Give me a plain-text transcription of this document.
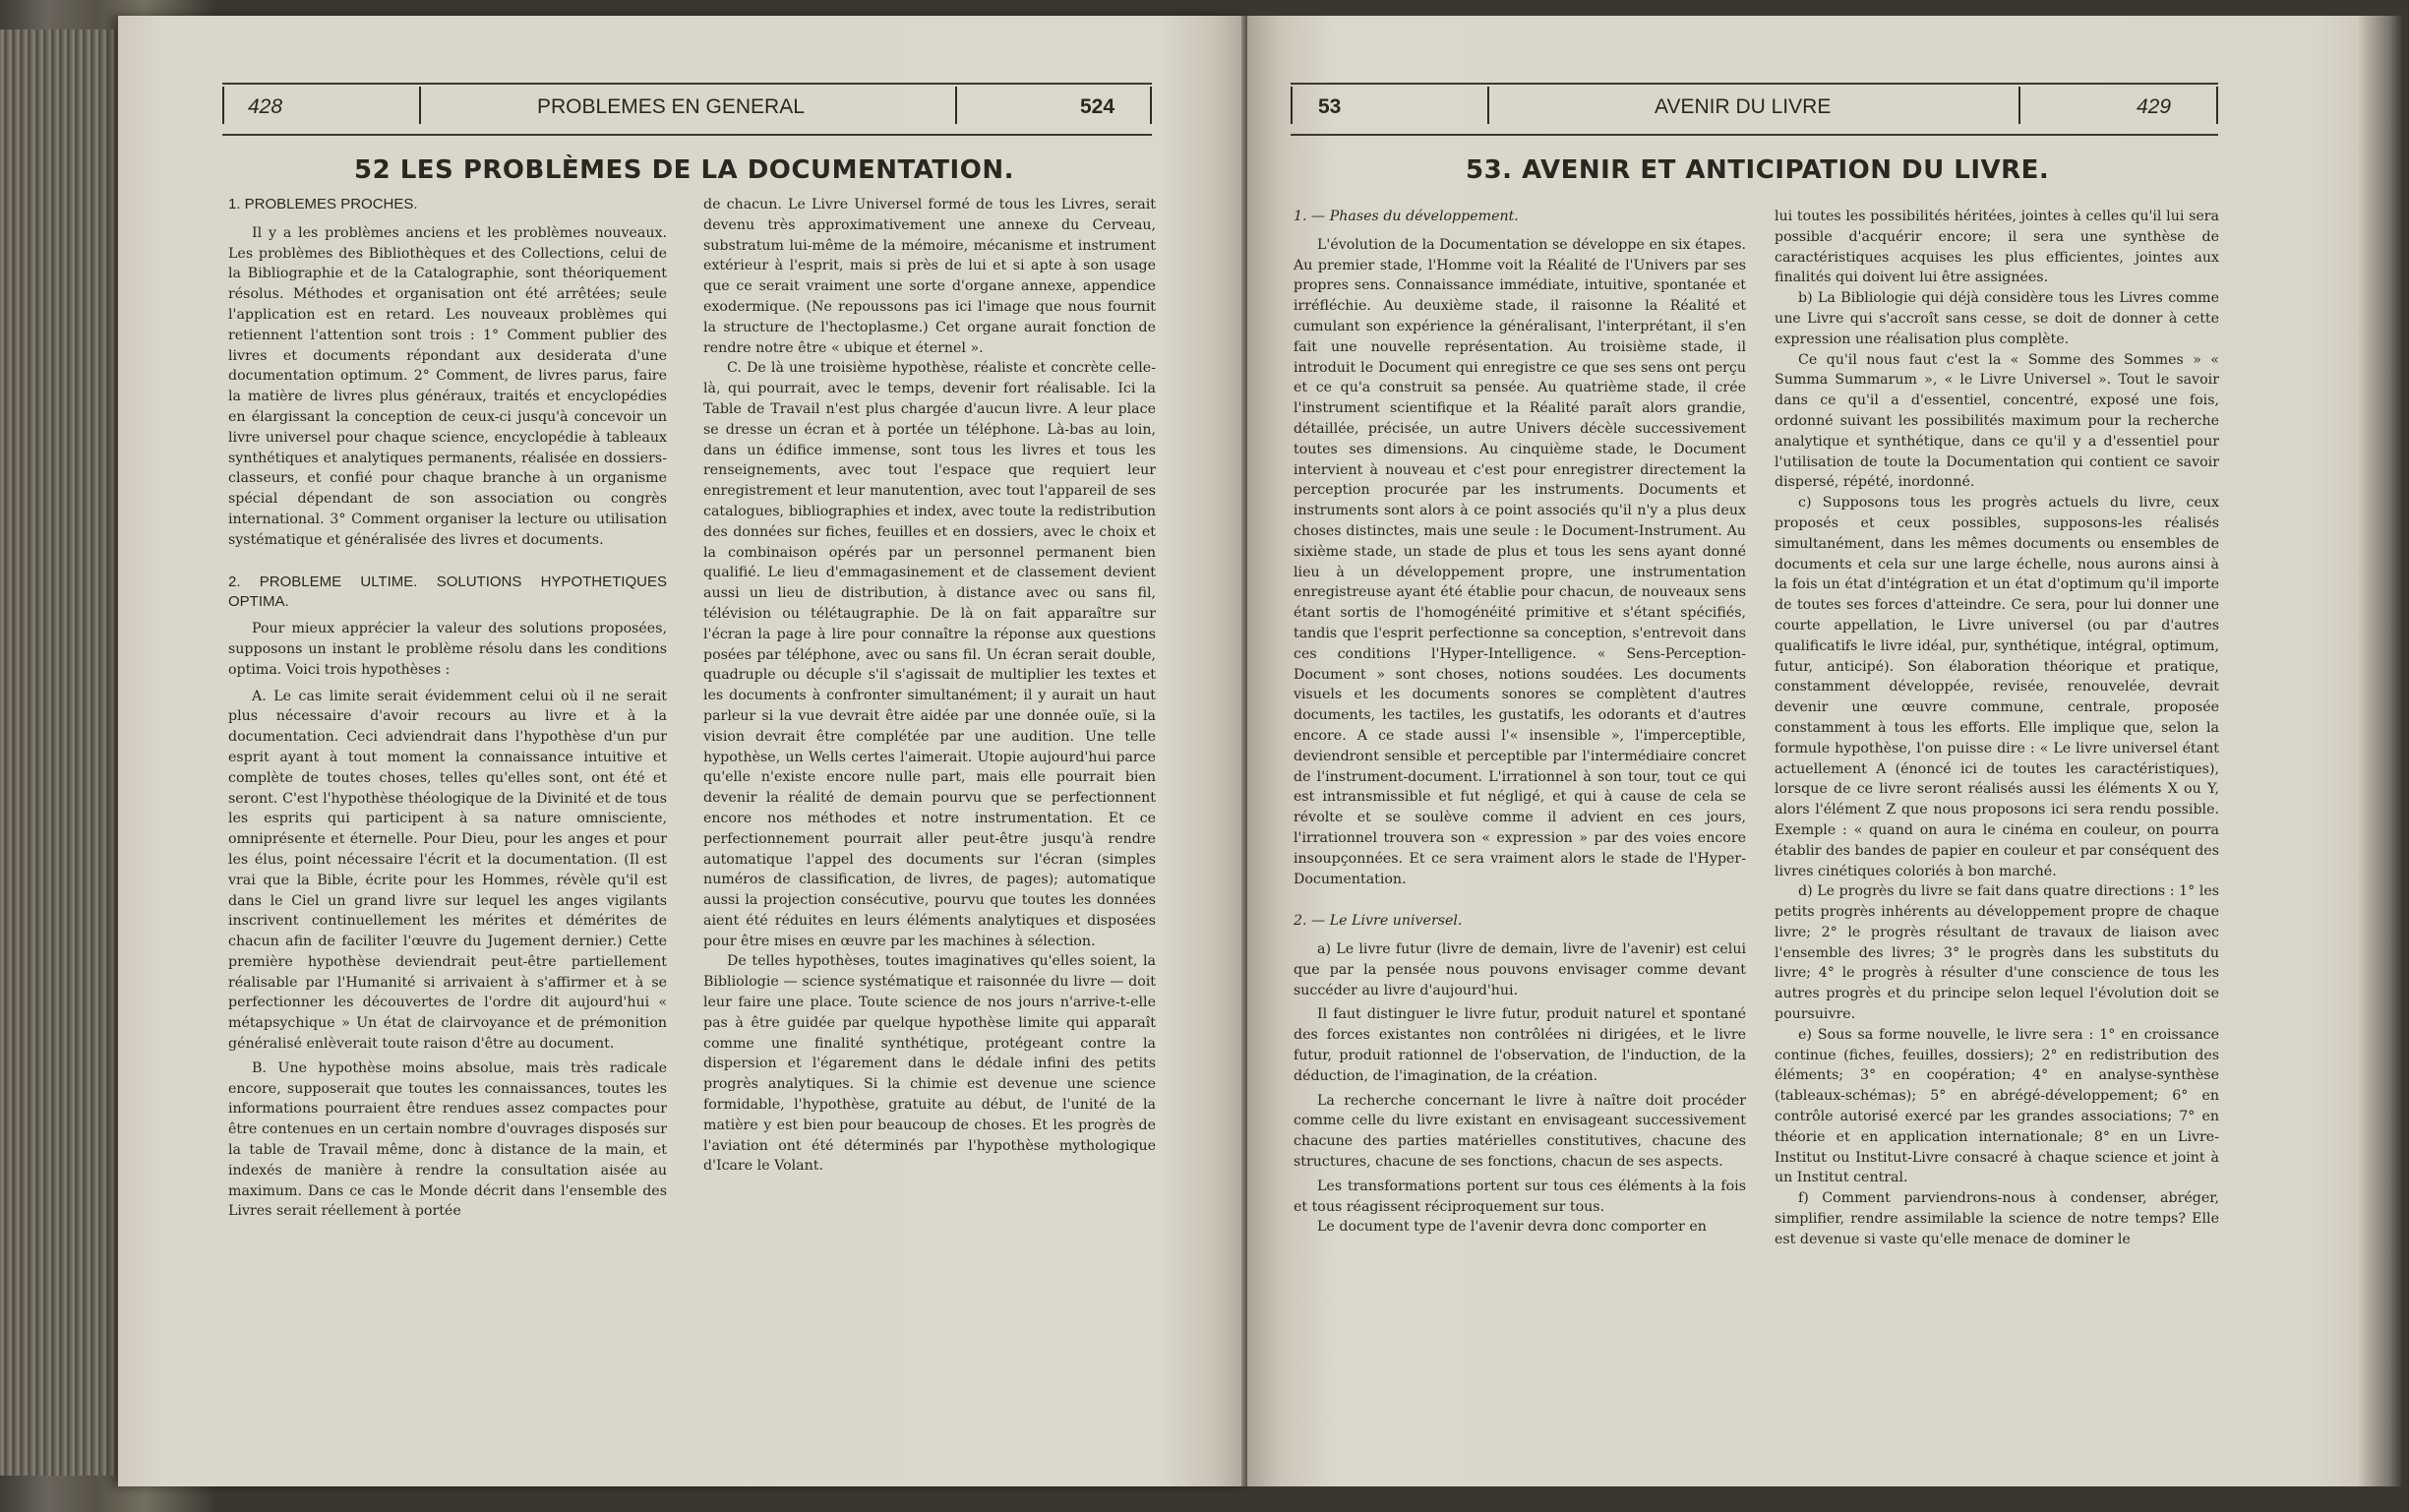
428	PROBLEMES EN GENERAL	524	53	AVENIR DU LIVRE	429
52 LES PROBLÈMES DE LA DOCUMENTATION.	53. AVENIR ET ANTICIPATION DU LIVRE.

1. PROBLEMES PROCHES.

Il y a les problèmes anciens et les problèmes nouveaux. Les problèmes des Bibliothèques et des Collections, celui de la Bibliographie et de la Catalographie, sont théoriquement résolus. Méthodes et organisation ont été arrêtées; seule l'application est en retard. Les nouveaux problèmes qui retiennent l'attention sont trois : 1° Comment publier des livres et documents répondant aux desiderata d'une documentation optimum. 2° Comment, de livres parus, faire la matière de livres plus généraux, traités et encyclopédies en élargissant la conception de ceux-ci jusqu'à concevoir un livre universel pour chaque science, encyclopédie à tableaux synthétiques et analytiques permanents, réalisée en dossiers-classeurs, et confié pour chaque branche à un organisme spécial dépendant de son association ou congrès international. 3° Comment organiser la lecture ou utilisation systématique et généralisée des livres et documents.

2. PROBLEME ULTIME. SOLUTIONS HYPOTHETIQUES OPTIMA.

Pour mieux apprécier la valeur des solutions proposées, supposons un instant le problème résolu dans les conditions optima. Voici trois hypothèses :

A. Le cas limite serait évidemment celui où il ne serait plus nécessaire d'avoir recours au livre et à la documentation. Ceci adviendrait dans l'hypothèse d'un pur esprit ayant à tout moment la connaissance intuitive et complète de toutes choses, telles qu'elles sont, ont été et seront. C'est l'hypothèse théologique de la Divinité et de tous les esprits qui participent à sa nature omnisciente, omniprésente et éternelle. Pour Dieu, pour les anges et pour les élus, point nécessaire l'écrit et la documentation. (Il est vrai que la Bible, écrite pour les Hommes, révèle qu'il est dans le Ciel un grand livre sur lequel les anges vigilants inscrivent continuellement les mérites et démérites de chacun afin de faciliter l'œuvre du Jugement dernier.) Cette première hypothèse deviendrait peut-être partiellement réalisable par l'Humanité si arrivaient à s'affirmer et à se perfectionner les découvertes de l'ordre dit aujourd'hui « métapsychique » Un état de clairvoyance et de prémonition généralisé enlèverait toute raison d'être au document.

B. Une hypothèse moins absolue, mais très radicale encore, supposerait que toutes les connaissances, toutes les informations pourraient être rendues assez compactes pour être contenues en un certain nombre d'ouvrages disposés sur la table de Travail même, donc à distance de la main, et indexés de manière à rendre la consultation aisée au maximum. Dans ce cas le Monde décrit dans l'ensemble des Livres serait réellement à portée

de chacun. Le Livre Universel formé de tous les Livres, serait devenu très approximativement une annexe du Cerveau, substratum lui-même de la mémoire, mécanisme et instrument extérieur à l'esprit, mais si près de lui et si apte à son usage que ce serait vraiment une sorte d'organe annexe, appendice exodermique. (Ne repoussons pas ici l'image que nous fournit la structure de l'hectoplasme.) Cet organe aurait fonction de rendre notre être « ubique et éternel ».

C. De là une troisième hypothèse, réaliste et concrète celle-là, qui pourrait, avec le temps, devenir fort réalisable. Ici la Table de Travail n'est plus chargée d'aucun livre. A leur place se dresse un écran et à portée un téléphone. Là-bas au loin, dans un édifice immense, sont tous les livres et tous les renseignements, avec tout l'espace que requiert leur enregistrement et leur manutention, avec tout l'appareil de ses catalogues, bibliographies et index, avec toute la redistribution des données sur fiches, feuilles et en dossiers, avec le choix et la combinaison opérés par un personnel permanent bien qualifié. Le lieu d'emmagasinement et de classement devient aussi un lieu de distribution, à distance avec ou sans fil, télévision ou télétaugraphie. De là on fait apparaître sur l'écran la page à lire pour connaître la réponse aux questions posées par téléphone, avec ou sans fil. Un écran serait double, quadruple ou décuple s'il s'agissait de multiplier les textes et les documents à confronter simultanément; il y aurait un haut parleur si la vue devrait être aidée par une donnée ouïe, si la vision devrait être complétée par une audition. Une telle hypothèse, un Wells certes l'aimerait. Utopie aujourd'hui parce qu'elle n'existe encore nulle part, mais elle pourrait bien devenir la réalité de demain pourvu que se perfectionnent encore nos méthodes et notre instrumentation. Et ce perfectionnement pourrait aller peut-être jusqu'à rendre automatique l'appel des documents sur l'écran (simples numéros de classification, de livres, de pages); automatique aussi la projection consécutive, pourvu que toutes les données aient été réduites en leurs éléments analytiques et disposées pour être mises en œuvre par les machines à sélection.

De telles hypothèses, toutes imaginatives qu'elles soient, la Bibliologie — science systématique et raisonnée du livre — doit leur faire une place. Toute science de nos jours n'arrive-t-elle pas à être guidée par quelque hypothèse limite qui apparaît comme une finalité synthétique, protégeant contre la dispersion et l'égarement dans le dédale infini des petits progrès analytiques. Si la chimie est devenue une science formidable, l'hypothèse, gratuite au début, de l'unité de la matière y est bien pour beaucoup de choses. Et les progrès de l'aviation ont été déterminés par l'hypothèse mythologique d'Icare le Volant.

1. — Phases du développement.

L'évolution de la Documentation se développe en six étapes. Au premier stade, l'Homme voit la Réalité de l'Univers par ses propres sens. Connaissance immédiate, intuitive, spontanée et irréfléchie. Au deuxième stade, il raisonne la Réalité et cumulant son expérience la généralisant, l'interprétant, il s'en fait une nouvelle représentation. Au troisième stade, il introduit le Document qui enregistre ce que ses sens ont perçu et ce qu'a construit sa pensée. Au quatrième stade, il crée l'instrument scientifique et la Réalité paraît alors grandie, détaillée, précisée, un autre Univers décèle successivement toutes ses dimensions. Au cinquième stade, le Document intervient à nouveau et c'est pour enregistrer directement la perception procurée par les instruments. Documents et instruments sont alors à ce point associés qu'il n'y a plus deux choses distinctes, mais une seule : le Document-Instrument. Au sixième stade, un stade de plus et tous les sens ayant donné lieu à un développement propre, une instrumentation enregistreuse ayant été établie pour chacun, de nouveaux sens étant sortis de l'homogénéité primitive et s'étant spécifiés, tandis que l'esprit perfectionne sa conception, s'entrevoit dans ces conditions l'Hyper-Intelligence. « Sens-Perception-Document » sont choses, notions soudées. Les documents visuels et les documents sonores se complètent d'autres documents, les tactiles, les gustatifs, les odorants et d'autres encore. A ce stade aussi l'« insensible », l'imperceptible, deviendront sensible et perceptible par l'intermédiaire concret de l'instrument-document. L'irrationnel à son tour, tout ce qui est intransmissible et fut négligé, et qui à cause de cela se révolte et se soulève comme il advient en ces jours, l'irrationnel trouvera son « expression » par des voies encore insoupçonnées. Et ce sera vraiment alors le stade de l'Hyper-Documentation.

2. — Le Livre universel.

a) Le livre futur (livre de demain, livre de l'avenir) est celui que par la pensée nous pouvons envisager comme devant succéder au livre d'aujourd'hui.

Il faut distinguer le livre futur, produit naturel et spontané des forces existantes non contrôlées ni dirigées, et le livre futur, produit rationnel de l'observation, de l'induction, de la déduction, de l'imagination, de la création.

La recherche concernant le livre à naître doit procéder comme celle du livre existant en envisageant successivement chacune des parties matérielles constitutives, chacune des structures, chacune de ses fonctions, chacun de ses aspects.

Les transformations portent sur tous ces éléments à la fois et tous réagissent réciproquement sur tous.

Le document type de l'avenir devra donc comporter en

lui toutes les possibilités héritées, jointes à celles qu'il lui sera possible d'acquérir encore; il sera une synthèse de caractéristiques acquises les plus efficientes, jointes aux finalités qui doivent lui être assignées.

b) La Bibliologie qui déjà considère tous les Livres comme une Livre qui s'accroît sans cesse, se doit de donner à cette expression une réalisation plus complète.

Ce qu'il nous faut c'est la « Somme des Sommes » « Summa Summarum », « le Livre Universel ». Tout le savoir dans ce qu'il a d'essentiel, concentré, exposé une fois, ordonné suivant les possibilités maximum pour la recherche analytique et synthétique, dans ce qu'il y a d'essentiel pour l'utilisation de toute la Documentation qui contient ce savoir dispersé, répété, inordonné.

c) Supposons tous les progrès actuels du livre, ceux proposés et ceux possibles, supposons-les réalisés simultanément, dans les mêmes documents ou ensembles de documents et cela sur une large échelle, nous aurons ainsi à la fois un état d'intégration et un état d'optimum qu'il importe de toutes ses forces d'atteindre. Ce sera, pour lui donner une courte appellation, le Livre universel (ou par d'autres qualificatifs le livre idéal, pur, synthétique, intégral, optimum, futur, anticipé). Son élaboration théorique et pratique, constamment développée, revisée, renouvelée, devrait devenir une œuvre commune, centrale, proposée constamment à tous les efforts. Elle implique que, selon la formule hypothèse, l'on puisse dire : « Le livre universel étant actuellement A (énoncé ici de toutes les caractéristiques), lorsque de ce livre seront réalisés aussi les éléments X ou Y, alors l'élément Z que nous proposons ici sera rendu possible. Exemple : « quand on aura le cinéma en couleur, on pourra établir des bandes de papier en couleur et par conséquent des livres cinétiques coloriés à bon marché.

d) Le progrès du livre se fait dans quatre directions : 1° les petits progrès inhérents au développement propre de chaque livre; 2° le progrès résultant de travaux de liaison avec l'ensemble des livres; 3° le progrès dans les substituts du livre; 4° le progrès à résulter d'une conscience de tous les autres progrès et du principe selon lequel l'évolution doit se poursuivre.

e) Sous sa forme nouvelle, le livre sera : 1° en croissance continue (fiches, feuilles, dossiers); 2° en redistribution des éléments; 3° en coopération; 4° en analyse-synthèse (tableaux-schémas); 5° en abrégé-développement; 6° en contrôle autorisé exercé par les grandes associations; 7° en théorie et en application internationale; 8° en un Livre-Institut ou Institut-Livre consacré à chaque science et joint à un Institut central.

f) Comment parviendrons-nous à condenser, abréger, simplifier, rendre assimilable la science de notre temps? Elle est devenue si vaste qu'elle menace de dominer le
